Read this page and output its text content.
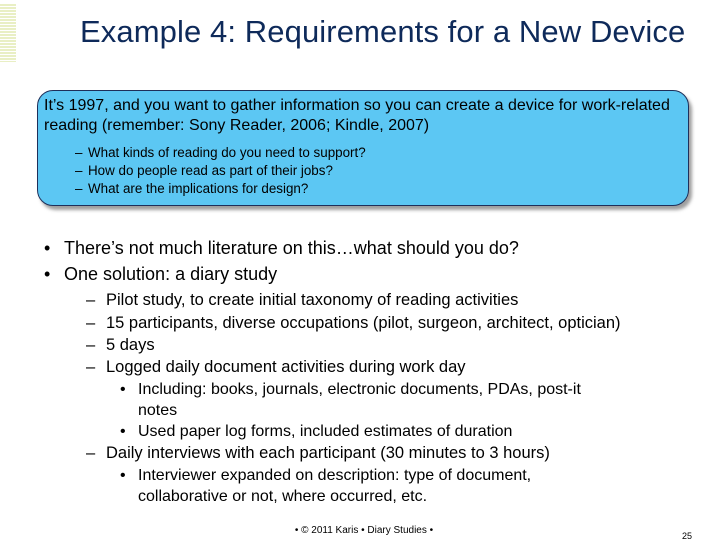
Example 4: Requirements for a New Device
It’s 1997, and you want to gather information so you can create a device for work-related reading (remember: Sony Reader, 2006; Kindle, 2007)
– What kinds of reading do you need to support?
– How do people read as part of their jobs?
– What are the implications for design?
• There’s not much literature on this…what should you do?
• One solution: a diary study
– Pilot study, to create initial taxonomy of reading activities
– 15 participants, diverse occupations (pilot, surgeon, architect, optician)
– 5 days
– Logged daily document activities during work day
• Including: books, journals, electronic documents, PDAs, post-it
notes
• Used paper log forms, included estimates of duration
– Daily interviews with each participant (30 minutes to 3 hours)
• Interviewer expanded on description: type of document,
collaborative or not, where occurred, etc.
• © 2011 Karis • Diary Studies •	25
